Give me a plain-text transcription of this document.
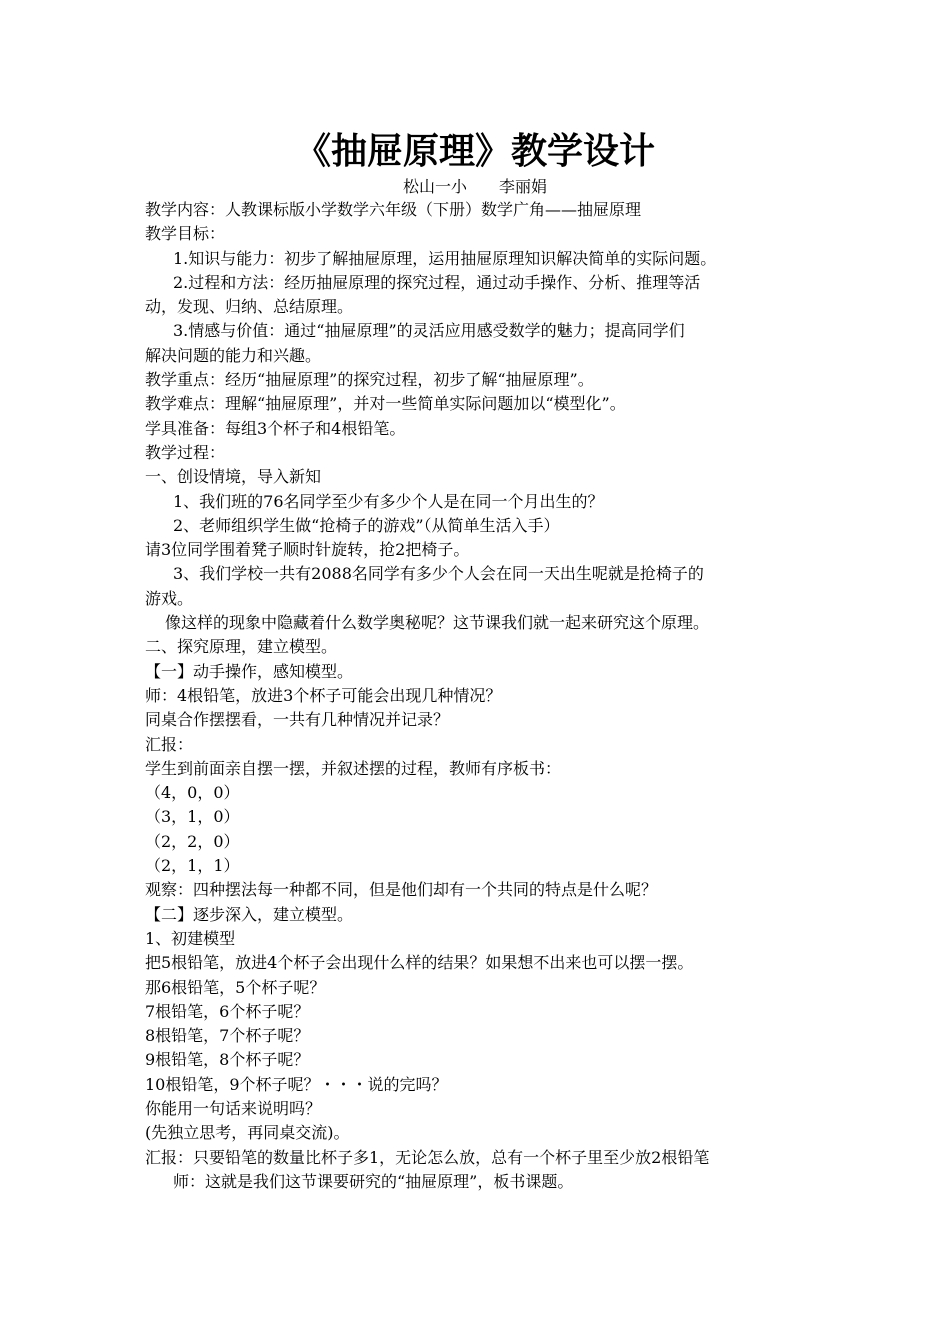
《抽屉原理》教学设计
松山一小　　李丽娟
教学内容：人教课标版小学数学六年级（下册）数学广角——抽屉原理
教学目标：
1.知识与能力：初步了解抽屉原理，运用抽屉原理知识解决简单的实际问题。
2.过程和方法：经历抽屉原理的探究过程，通过动手操作、分析、推理等活
动，发现、归纳、总结原理。
3.情感与价值：通过“抽屉原理”的灵活应用感受数学的魅力；提高同学们
解决问题的能力和兴趣。
教学重点：经历“抽屉原理”的探究过程，初步了解“抽屉原理”。
教学难点：理解“抽屉原理”，并对一些简单实际问题加以“模型化”。
学具准备：每组3个杯子和4根铅笔。
教学过程：
一、创设情境，导入新知
1、我们班的76名同学至少有多少个人是在同一个月出生的？
2、老师组织学生做“抢椅子的游戏”（从简单生活入手）
请3位同学围着凳子顺时针旋转，抢2把椅子。
3、我们学校一共有2088名同学有多少个人会在同一天出生呢就是抢椅子的
游戏。
像这样的现象中隐藏着什么数学奥秘呢？这节课我们就一起来研究这个原理。
二、探究原理，建立模型。
【一】动手操作，感知模型。
师：4根铅笔，放进3个杯子可能会出现几种情况？
同桌合作摆摆看，一共有几种情况并记录？
汇报：
学生到前面亲自摆一摆，并叙述摆的过程，教师有序板书：
（4，0，0）
（3，1，0）
（2，2，0）
（2，1，1）
观察：四种摆法每一种都不同，但是他们却有一个共同的特点是什么呢？
【二】逐步深入，建立模型。
1、初建模型
把5根铅笔，放进4个杯子会出现什么样的结果？如果想不出来也可以摆一摆。
那6根铅笔，5个杯子呢？
7根铅笔，6个杯子呢？
8根铅笔，7个杯子呢？
9根铅笔，8个杯子呢？
10根铅笔，9个杯子呢？・・・说的完吗？
你能用一句话来说明吗？
(先独立思考，再同桌交流)。
汇报：只要铅笔的数量比杯子多1，无论怎么放，总有一个杯子里至少放2根铅笔
师：这就是我们这节课要研究的“抽屉原理”，板书课题。
